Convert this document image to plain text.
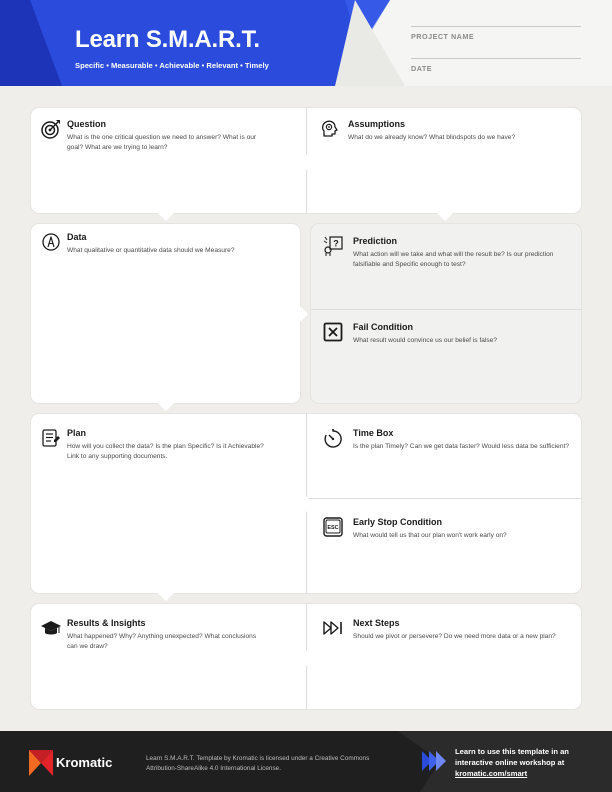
Learn S.M.A.R.T.
Specific • Measurable • Achievable • Relevant • Timely
PROJECT NAME
DATE
Question
What is the one critical question we need to answer? What is our goal? What are we trying to learn?
Assumptions
What do we already know? What blindspots do we have?
Data
What qualitative or quantitative data should we Measure?
? Prediction
What action will we take and what will the result be? Is our prediction falsifiable and Specific enough to test?
Fail Condition
What result would convince us our belief is false?
Plan
How will you collect the data? Is the plan Specific? Is it Achievable? Link to any supporting documents.
Time Box
Is the plan Timely? Can we get data faster? Would less data be sufficient?
ESC
Early Stop Condition
What would tell us that our plan won't work early on?
Results & Insights
What happened? Why? Anything unexpected? What conclusions can we draw?
Next Steps
Should we pivot or persevere? Do we need more data or a new plan?
Kromatic	Learn S.M.A.R.T. Template by Kromatic is licensed under a Creative Commons Attribution-ShareAlike 4.0 International License.
Learn to use this template in an interactive online workshop at kromatic.com/smart
